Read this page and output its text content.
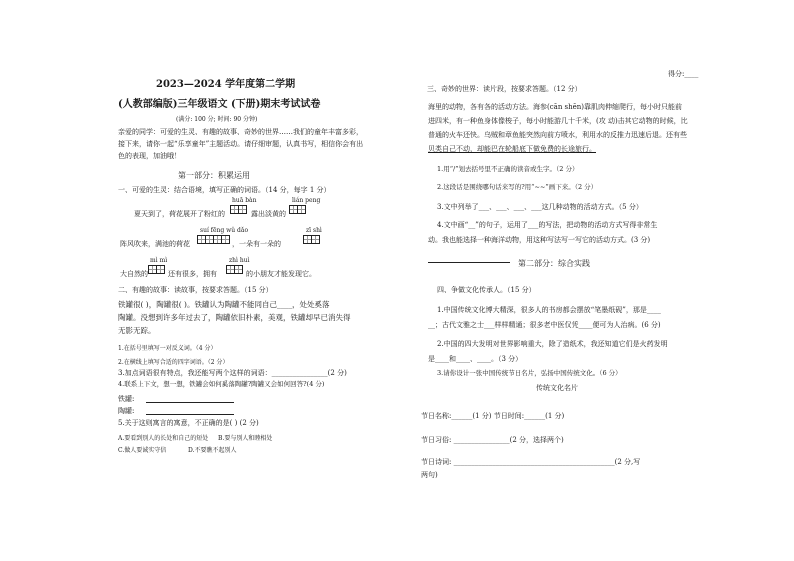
2023—2024 学年度第二学期
(人教部编版)三年级语文 (下册)期末考试试卷
(满分: 100 分; 时间: 90 分钟)
亲爱的同学：可爱的生灵、有趣的故事、奇妙的世界……我们的童年丰富多彩，
接下来，请你一起“乐享童年”主题活动。请仔细审题，认真书写，相信你会有出
色的表现，加油哦！
第一部分：积累运用
一、可爱的生灵：结合语境，填写正确的词语。（14 分，每字 1 分）
huā bàn	lián peng
夏天到了，荷花展开了粉红的	露出淡黄的
suí fēng wǔ dǎo	zī shì
阵风吹来，满池的荷花	，一朵有一朵的
mì mì	zhì huì
大自然的	还有很多，拥有	的小朋友才能发现它。
二、有趣的故事：读故事，按要求答题。（15 分）
铁罐很( )，陶罐很( )。铁罐认为陶罐不能同自己____，处处奚落
陶罐。没想到许多年过去了，陶罐依旧朴素，美观，铁罐却早已消失得
无影无踪。
1.在括号里填写一对反义词。（4 分）
2.在横线上填写合适的四字词语。（2 分）
3.加点词语很有特点，我还能写两个这样的词语：________________(2 分)
4.联系上下文，想一想，铁罐会如何奚落陶罐?陶罐又会如何回答?(4 分)
铁罐:
陶罐:
5.关于这则寓言的寓意，不正确的是( ) (2 分)
A.要看到别人的长处和自己的短处 B.要与别人和睦相处
C.做人要诚实守信	D.不要瞧不起别人
得分:____
三、奇妙的世界：读片段，按要求答题。（12 分）
海里的动物，各有各的活动方法。海参(cān shēn)靠肌肉伸缩爬行，每小时只能前
进四米，有一种鱼身体像梭子，每小时能游几十千米，(攻 动)击其它动物的时候，比
普通的火车还快。乌贼和章鱼能突然向前方喷水，利用水的反推力迅速后退。还有些
贝类自己不动，却能巴在轮船底下做免费的长途旅行。
1.用“/”划去括号里不正确的读音或生字。（2 分）
2.这段话是围绕哪句话来写的?用“~~”画下来。（2 分）
3.文中列举了___、___、___、___这几种动物的活动方式。（5 分）
4.文中画“__”的句子，运用了___的写法，把动物的活动方式写得非常生
动。我也能选择一种海洋动物，用这种写法写一写它的活动方式。(3 分)
第二部分：综合实践
四、争做文化传承人。（15 分）
1.中国传统文化博大精深，很多人的书房都会摆放“笔墨纸砚”，那是____
__；古代文雅之士___样样精通；很多老中医仅凭____便可为人治病。(6 分)
2.中国的四大发明对世界影响重大，除了造纸术，我还知道它们是火药发明
是____和____、____。（3 分）
3.请你设计一张中国传统节日名片，弘扬中国传统文化。（6 分）
传统文化名片
节日名称:______(1 分) 节日时间:______(1 分)
节日习俗: ________________(2 分，选择两个)
节日诗词: ______________________________________________(2 分,写
两句)
